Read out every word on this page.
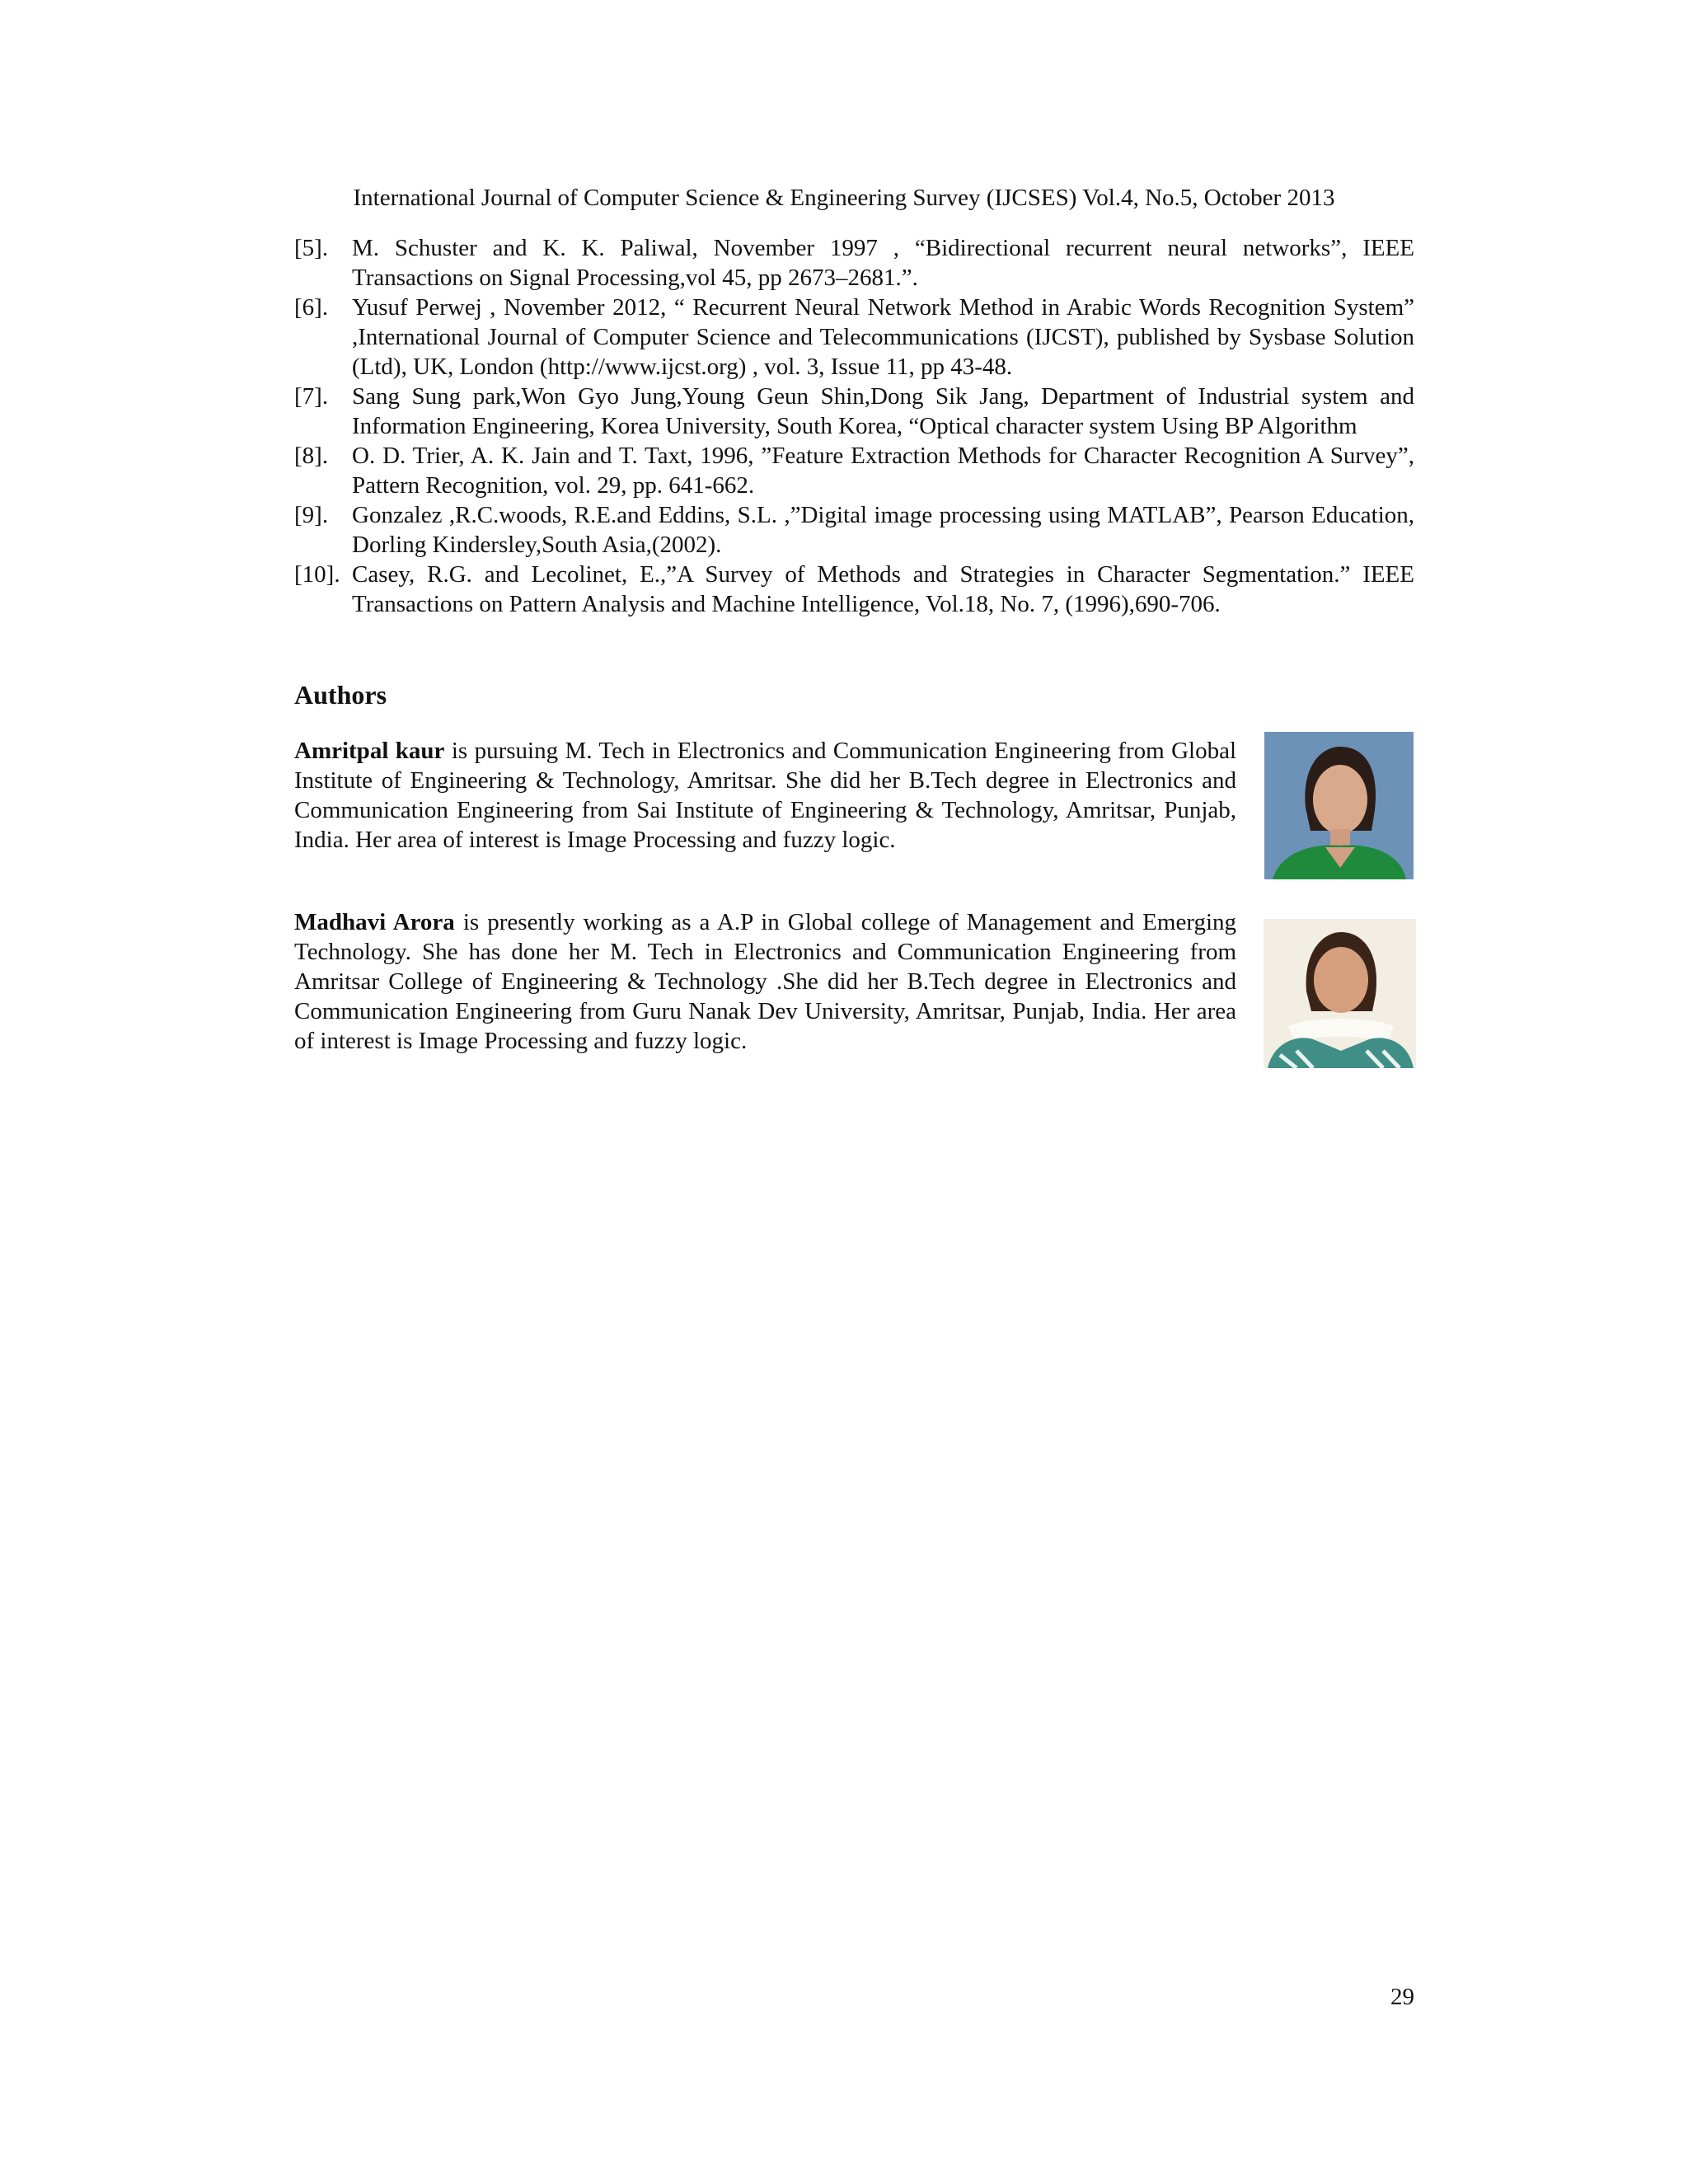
International Journal of Computer Science & Engineering Survey (IJCSES) Vol.4, No.5, October 2013
[5]. M. Schuster and K. K. Paliwal, November 1997 , “Bidirectional recurrent neural networks”, IEEE Transactions on Signal Processing,vol 45, pp 2673–2681.”.
[6]. Yusuf Perwej , November 2012, “ Recurrent Neural Network Method in Arabic Words Recognition System” ,International Journal of Computer Science and Telecommunications (IJCST), published by Sysbase Solution (Ltd), UK, London (http://www.ijcst.org) , vol. 3, Issue 11, pp 43-48.
[7]. Sang Sung park,Won Gyo Jung,Young Geun Shin,Dong Sik Jang, Department of Industrial system and Information Engineering, Korea University, South Korea, “Optical character system Using BP Algorithm
[8]. O. D. Trier, A. K. Jain and T. Taxt, 1996, ”Feature Extraction Methods for Character Recognition A Survey”, Pattern Recognition, vol. 29, pp. 641-662.
[9]. Gonzalez ,R.C.woods, R.E.and Eddins, S.L. ,”Digital image processing using MATLAB”, Pearson Education, Dorling Kindersley,South Asia,(2002).
[10]. Casey, R.G. and Lecolinet, E.,”A Survey of Methods and Strategies in Character Segmentation.” IEEE Transactions on Pattern Analysis and Machine Intelligence, Vol.18, No. 7, (1996),690-706.
Authors

Amritpal kaur is pursuing M. Tech in Electronics and Communication Engineering from Global Institute of Engineering & Technology, Amritsar. She did her B.Tech degree in Electronics and Communication Engineering from Sai Institute of Engineering & Technology, Amritsar, Punjab, India. Her area of interest is Image Processing and fuzzy logic.

Madhavi Arora is presently working as a A.P in Global college of Management and Emerging Technology. She has done her M. Tech in Electronics and Communication Engineering from Amritsar College of Engineering & Technology .She did her B.Tech degree in Electronics and Communication Engineering from Guru Nanak Dev University, Amritsar, Punjab, India. Her area of interest is Image Processing and fuzzy logic.

29
